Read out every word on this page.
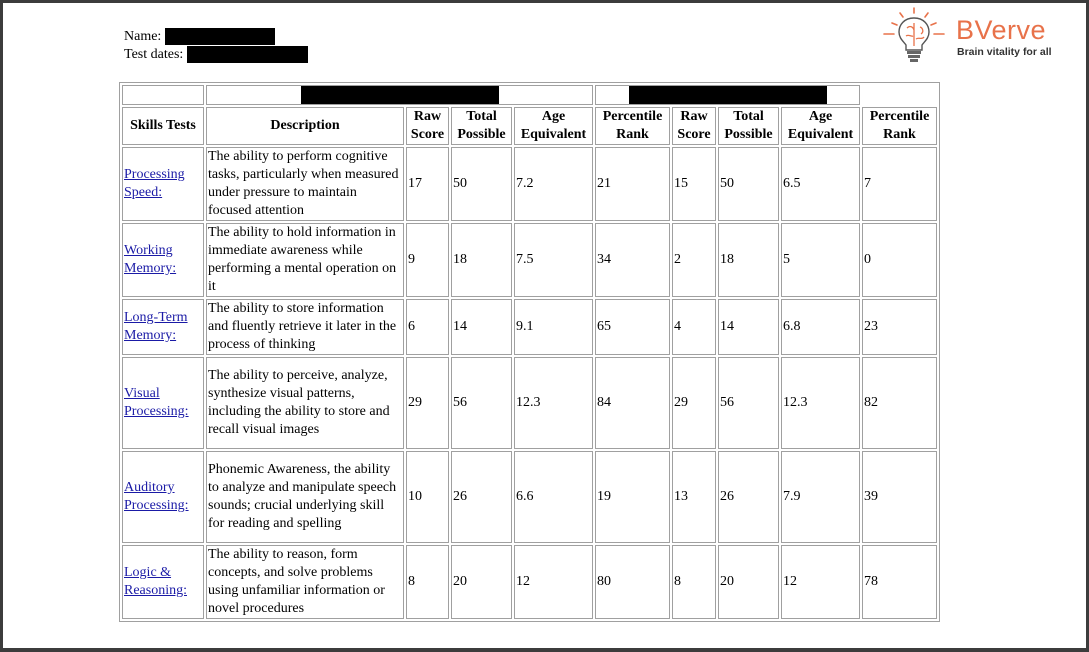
Name:
Test dates:
BVerve
Brain vitality for all

Skills Tests	Description	Raw Score	Total Possible	Age Equivalent	Percentile Rank	Raw Score	Total Possible	Age Equivalent	Percentile Rank
Processing Speed:	The ability to perform cognitive tasks, particularly when measured under pressure to maintain focused attention	17	50	7.2	21	15	50	6.5	7
Working Memory:	The ability to hold information in immediate awareness while performing a mental operation on it	9	18	7.5	34	2	18	5	0
Long-Term Memory:	The ability to store information and fluently retrieve it later in the process of thinking	6	14	9.1	65	4	14	6.8	23
Visual Processing:	The ability to perceive, analyze, synthesize visual patterns, including the ability to store and recall visual images	29	56	12.3	84	29	56	12.3	82
Auditory Processing:	Phonemic Awareness, the ability to analyze and manipulate speech sounds; crucial underlying skill for reading and spelling	10	26	6.6	19	13	26	7.9	39
Logic & Reasoning:	The ability to reason, form concepts, and solve problems using unfamiliar information or novel procedures	8	20	12	80	8	20	12	78
